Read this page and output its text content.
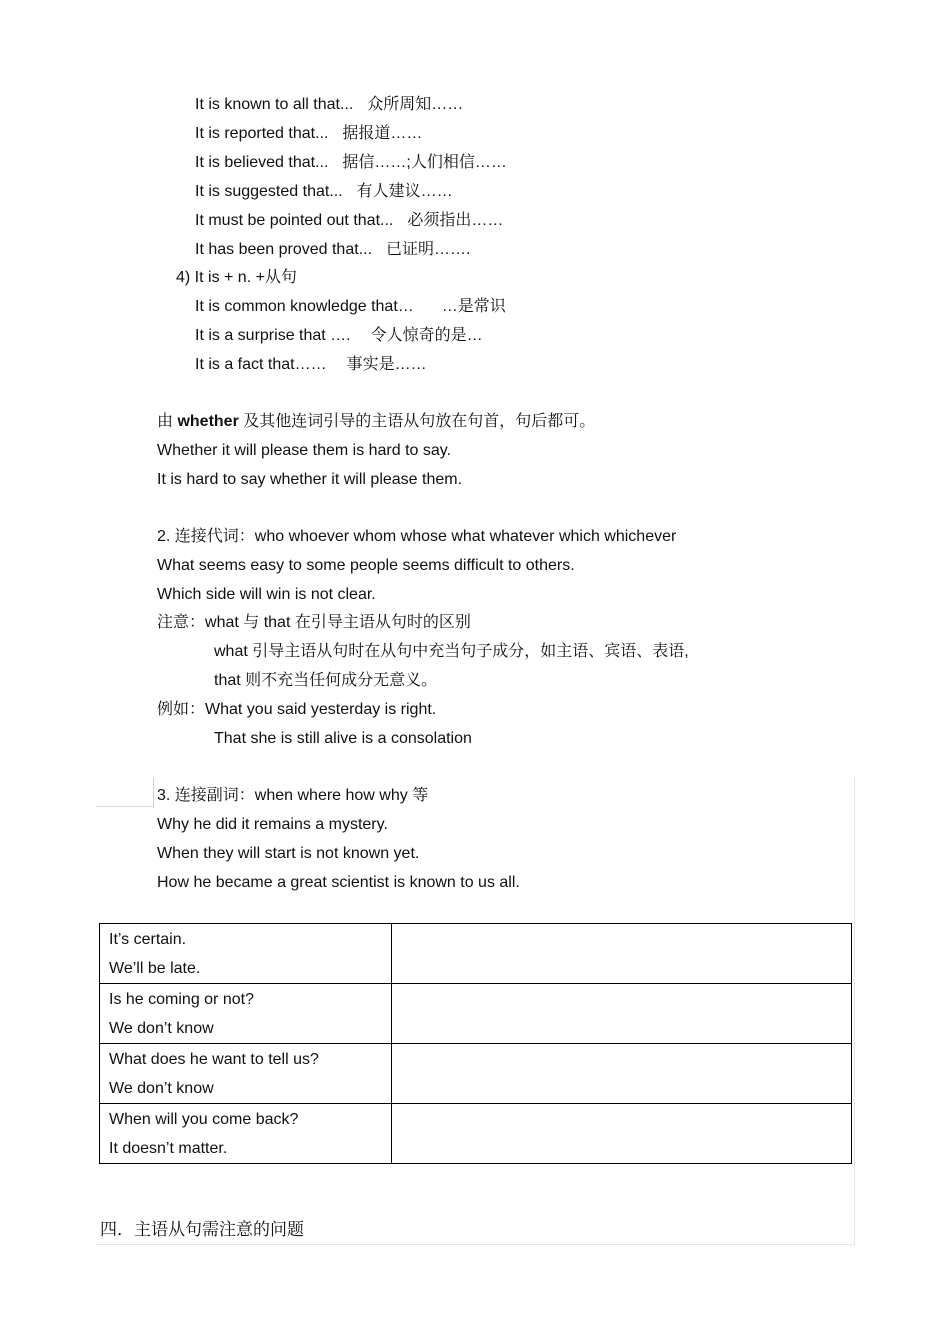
It is known to all that... 众所周知……
It is reported that... 据报道……
It is believed that... 据信……;人们相信……
It is suggested that... 有人建议……
It must be pointed out that... 必须指出……
It has been proved that... 已证明…….
4) It is + n. +从句
It is common knowledge that… …是常识
It is a surprise that …. 令人惊奇的是…
It is a fact that…… 事实是……
由 whether 及其他连词引导的主语从句放在句首，句后都可。
Whether it will please them is hard to say.
It is hard to say whether it will please them.
2. 连接代词：who whoever whom whose what whatever which whichever
What seems easy to some people seems difficult to others.
Which side will win is not clear.
注意：what 与 that 在引导主语从句时的区别
what 引导主语从句时在从句中充当句子成分，如主语、宾语、表语,
that 则不充当任何成分无意义。
例如：What you said yesterday is right.
That she is still alive is a consolation
3. 连接副词：when where how why 等
Why he did it remains a mystery.
When they will start is not known yet.
How he became a great scientist is known to us all.
It’s certain.
We’ll be late.	

Is he coming or not?
We don’t know	

What does he want to tell us?
We don’t know	

When will you come back?
It doesn’t matter.	

四．主语从句需注意的问题
